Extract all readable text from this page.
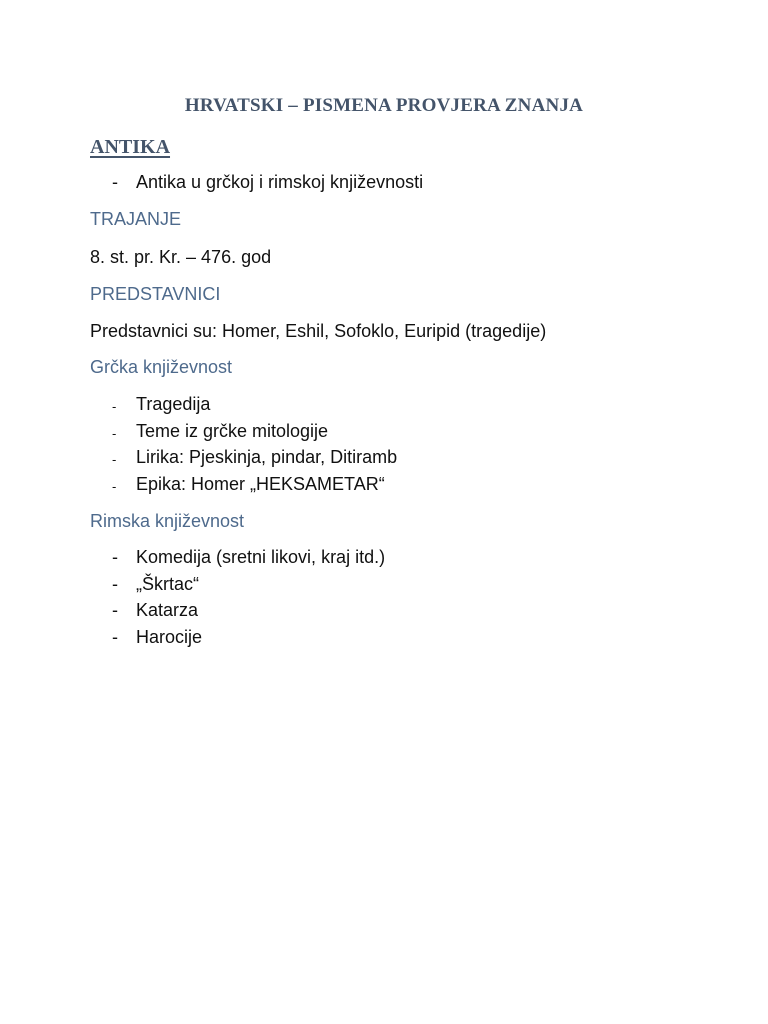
HRVATSKI – PISMENA PROVJERA ZNANJA
ANTIKA
- Antika u grčkoj i rimskoj književnosti
TRAJANJE
8. st. pr. Kr. – 476. god
PREDSTAVNICI
Predstavnici su: Homer, Eshil, Sofoklo, Euripid (tragedije)
Grčka književnost
- Tragedija
- Teme iz grčke mitologije
- Lirika: Pjeskinja, pindar, Ditiramb
- Epika: Homer „HEKSAMETAR“
Rimska književnost
- Komedija (sretni likovi, kraj itd.)
- „Škrtac“
- Katarza
- Harocije
